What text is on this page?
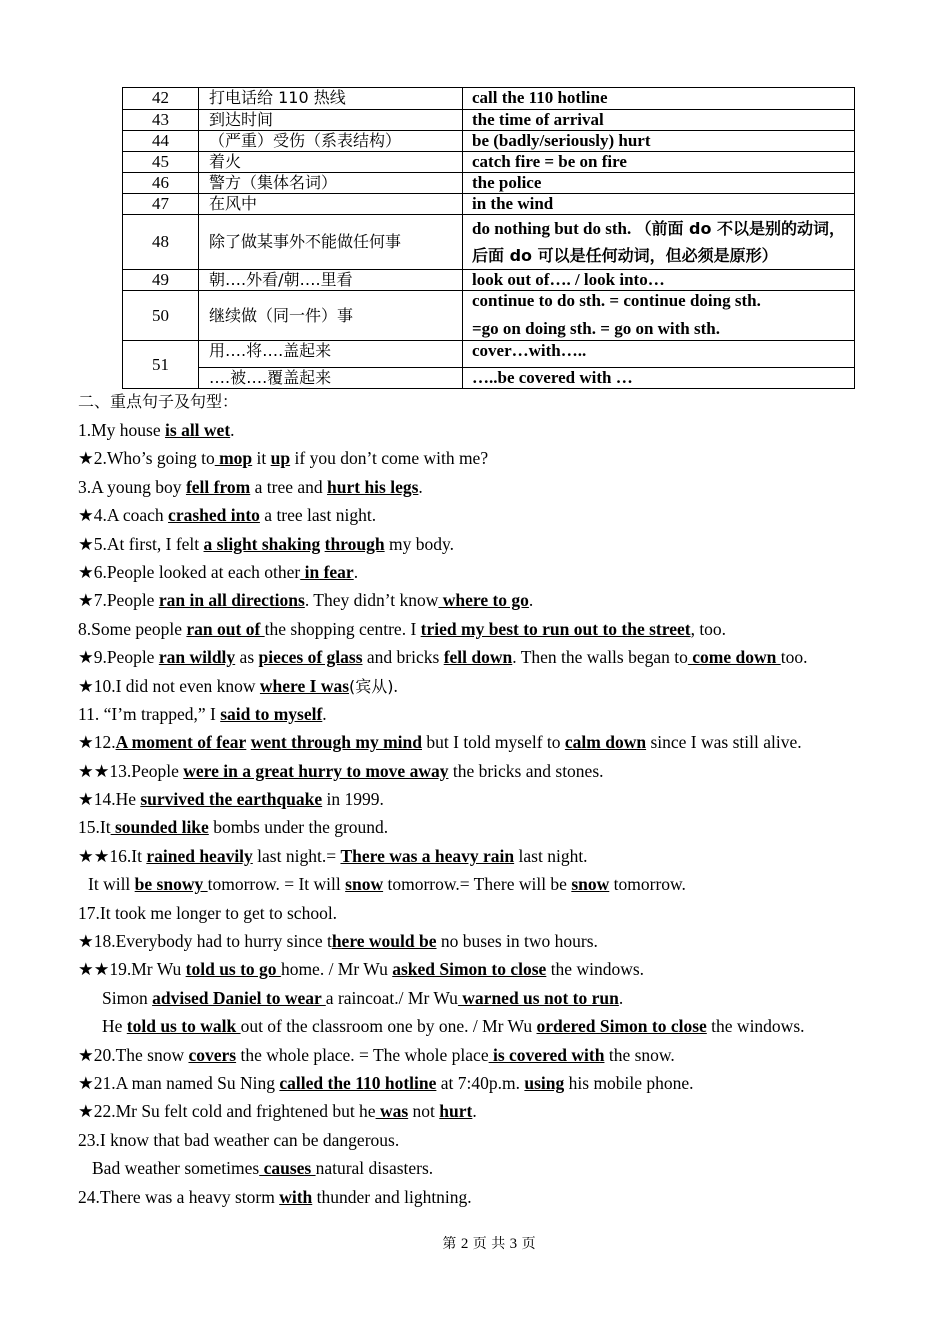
42	打电话给 110 热线	call the 110 hotline
43	到达时间	the time of arrival
44	（严重）受伤（系表结构）	be (badly/seriously) hurt
45	着火	catch fire = be on fire
46	警方（集体名词）	the police
47	在风中	in the wind
48	除了做某事外不能做任何事	do nothing but do sth. （前面 do 不以是别的动词，后面 do 可以是任何动词，但必须是原形）
49	朝….外看/朝….里看	look out of…. / look into…
50	继续做（同一件）事	continue to do sth. = continue doing sth.
=go on doing sth. = go on with sth.

51	用….将….盖起来	cover…with…..
	….被….覆盖起来	…..be covered with …
二、重点句子及句型：
1.My house is all wet.
★2.Who’s going to mop it up if you don’t come with me?
3.A young boy fell from a tree and hurt his legs.
★4.A coach crashed into a tree last night.
★5.At first, I felt a slight shaking through my body.
★6.People looked at each other in fear.
★7.People ran in all directions. They didn’t know where to go.
8.Some people ran out of the shopping centre. I tried my best to run out to the street, too.
★9.People ran wildly as pieces of glass and bricks fell down. Then the walls began to come down too.
★10.I did not even know where I was(宾从).
11. “I’m trapped,” I said to myself.
★12.A moment of fear went through my mind but I told myself to calm down since I was still alive.
★★13.People were in a great hurry to move away the bricks and stones.
★14.He survived the earthquake in 1999.
15.It sounded like bombs under the ground.
★★16.It rained heavily last night.= There was a heavy rain last night.
It will be snowy tomorrow. = It will snow tomorrow.= There will be snow tomorrow.
17.It took me longer to get to school.
★18.Everybody had to hurry since there would be no buses in two hours.
★★19.Mr Wu told us to go home. / Mr Wu asked Simon to close the windows.
Simon advised Daniel to wear a raincoat./ Mr Wu warned us not to run.
He told us to walk out of the classroom one by one. / Mr Wu ordered Simon to close the windows.
★20.The snow covers the whole place. = The whole place is covered with the snow.
★21.A man named Su Ning called the 110 hotline at 7:40p.m. using his mobile phone.
★22.Mr Su felt cold and frightened but he was not hurt.
23.I know that bad weather can be dangerous.
Bad weather sometimes causes natural disasters.
24.There was a heavy storm with thunder and lightning.
第 2 页 共 3 页
